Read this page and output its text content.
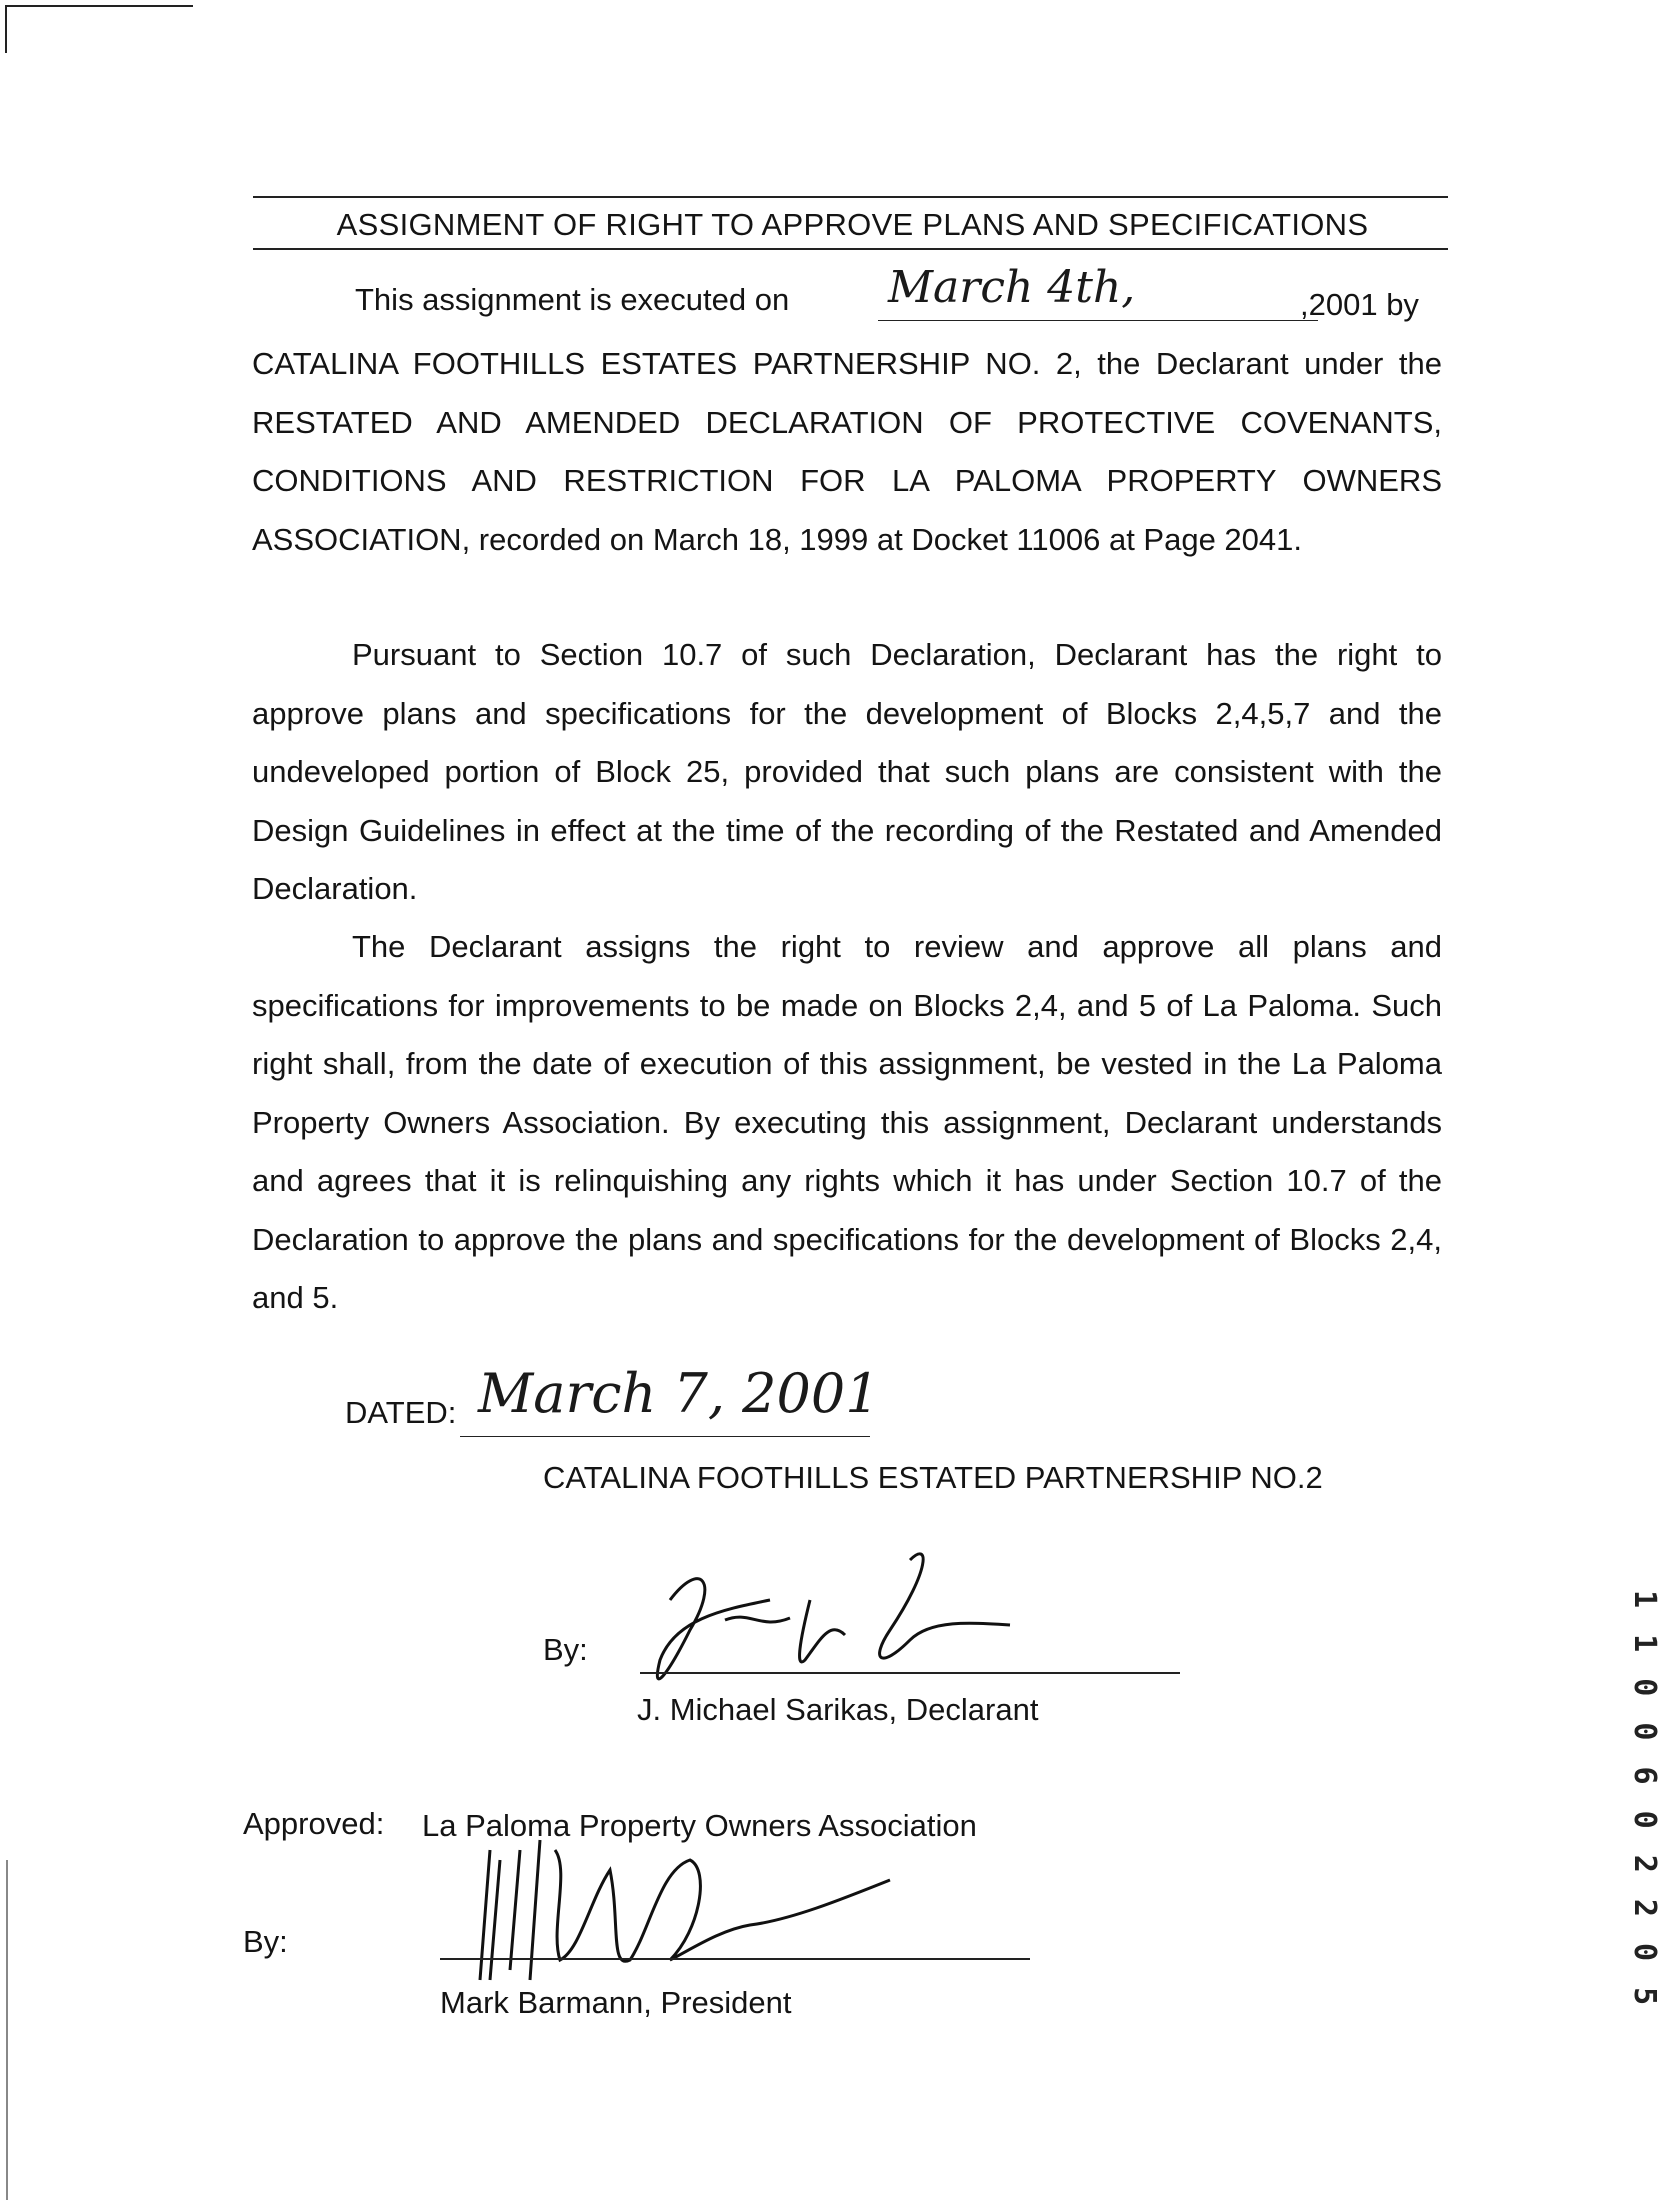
ASSIGNMENT OF RIGHT TO APPROVE PLANS AND SPECIFICATIONS
This assignment is executed on March 4th,	,2001 by

CATALINA FOOTHILLS ESTATES PARTNERSHIP NO. 2, the Declarant under the RESTATED AND AMENDED DECLARATION OF PROTECTIVE COVENANTS, CONDITIONS AND RESTRICTION FOR LA PALOMA PROPERTY OWNERS ASSOCIATION, recorded on March 18, 1999 at Docket 11006 at Page 2041.

Pursuant to Section 10.7 of such Declaration, Declarant has the right to approve plans and specifications for the development of Blocks 2,4,5,7 and the undeveloped portion of Block 25, provided that such plans are consistent with the Design Guidelines in effect at the time of the recording of the Restated and Amended Declaration.

The Declarant assigns the right to review and approve all plans and specifications for improvements to be made on Blocks 2,4, and 5 of La Paloma. Such right shall, from the date of execution of this assignment, be vested in the La Paloma Property Owners Association. By executing this assignment, Declarant understands and agrees that it is relinquishing any rights which it has under Section 10.7 of the Declaration to approve the plans and specifications for the development of Blocks 2,4, and 5.

DATED: March 7, 2001
CATALINA FOOTHILLS ESTATED PARTNERSHIP NO.2
By:
J. Michael Sarikas, Declarant
Approved: La Paloma Property Owners Association
By:
Mark Barmann, President	1 1 0 0 6 0 2 2 0 5
